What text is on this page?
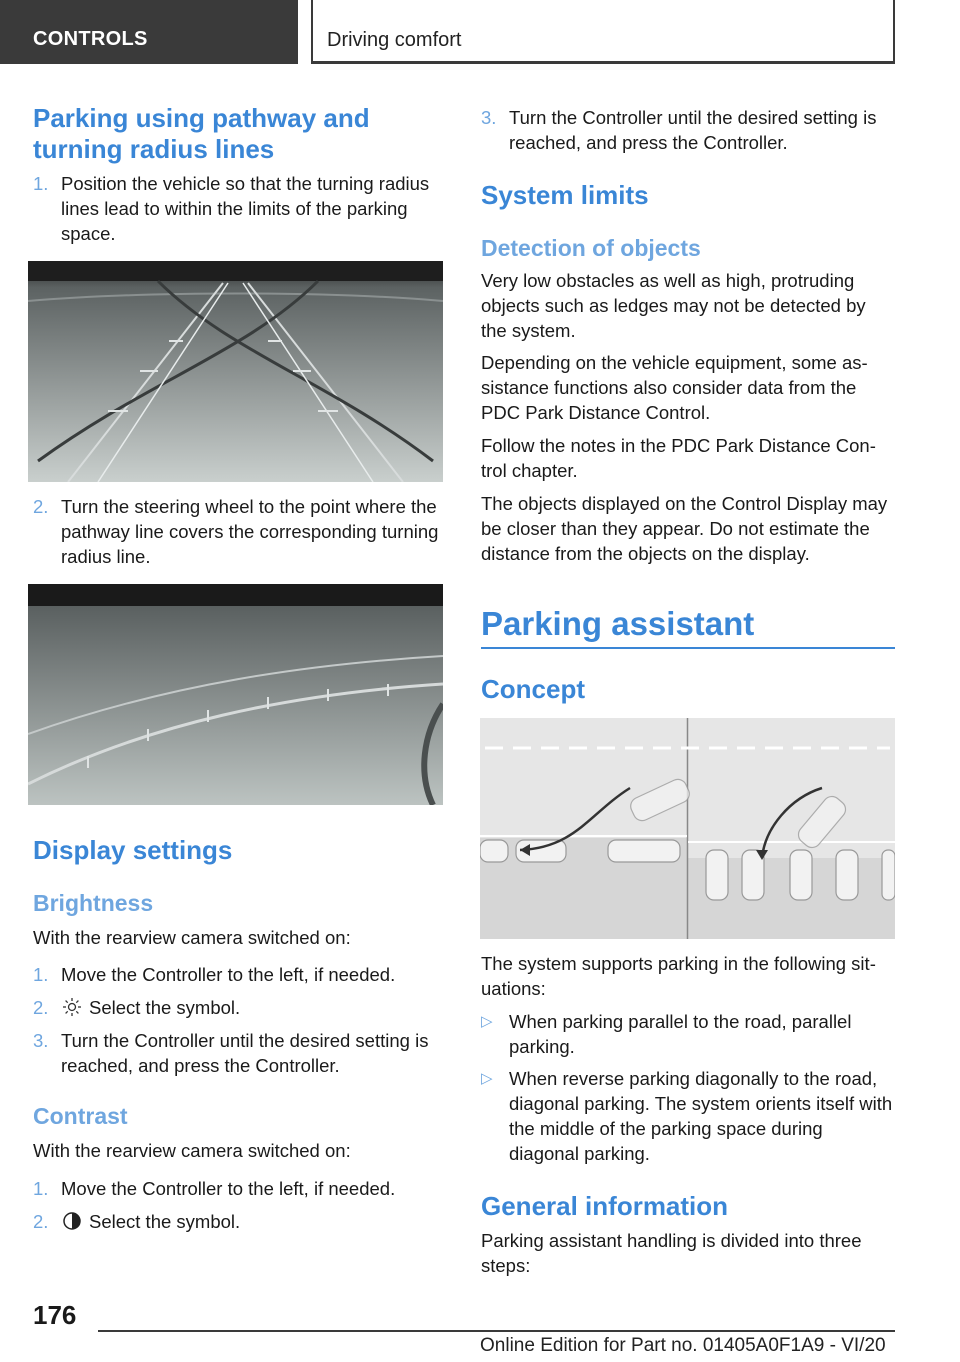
CONTROLS	Driving comfort
Parking using pathway and turning radius lines
1. Position the vehicle so that the turning radius lines lead to within the limits of the parking space.
2. Turn the steering wheel to the point where the pathway line covers the corresponding turning radius line.
Display settings
Brightness

With the rearview camera switched on:

1. Move the Controller to the left, if needed.
2.	Select the symbol.
3. Turn the Controller until the desired setting is reached, and press the Controller.
Contrast

With the rearview camera switched on:

1. Move the Controller to the left, if needed.
2.	Select the symbol.
3. Turn the Controller until the desired setting is reached, and press the Controller.
System limits
Detection of objects

Very low obstacles as well as high, protruding objects such as ledges may not be detected by the system.

Depending on the vehicle equipment, some assistance functions also consider data from the PDC Park Distance Control.

Follow the notes in the PDC Park Distance Control chapter.

The objects displayed on the Control Display may be closer than they appear. Do not estimate the distance from the objects on the display.

Parking assistant
Concept

The system supports parking in the following situations:

▷ When parking parallel to the road, parallel parking.
▷ When reverse parking diagonally to the road, diagonal parking. The system orients itself with the middle of the parking space during diagonal parking.
General information

Parking assistant handling is divided into three steps:

176
Online Edition for Part no. 01405A0F1A9 - VI/20
